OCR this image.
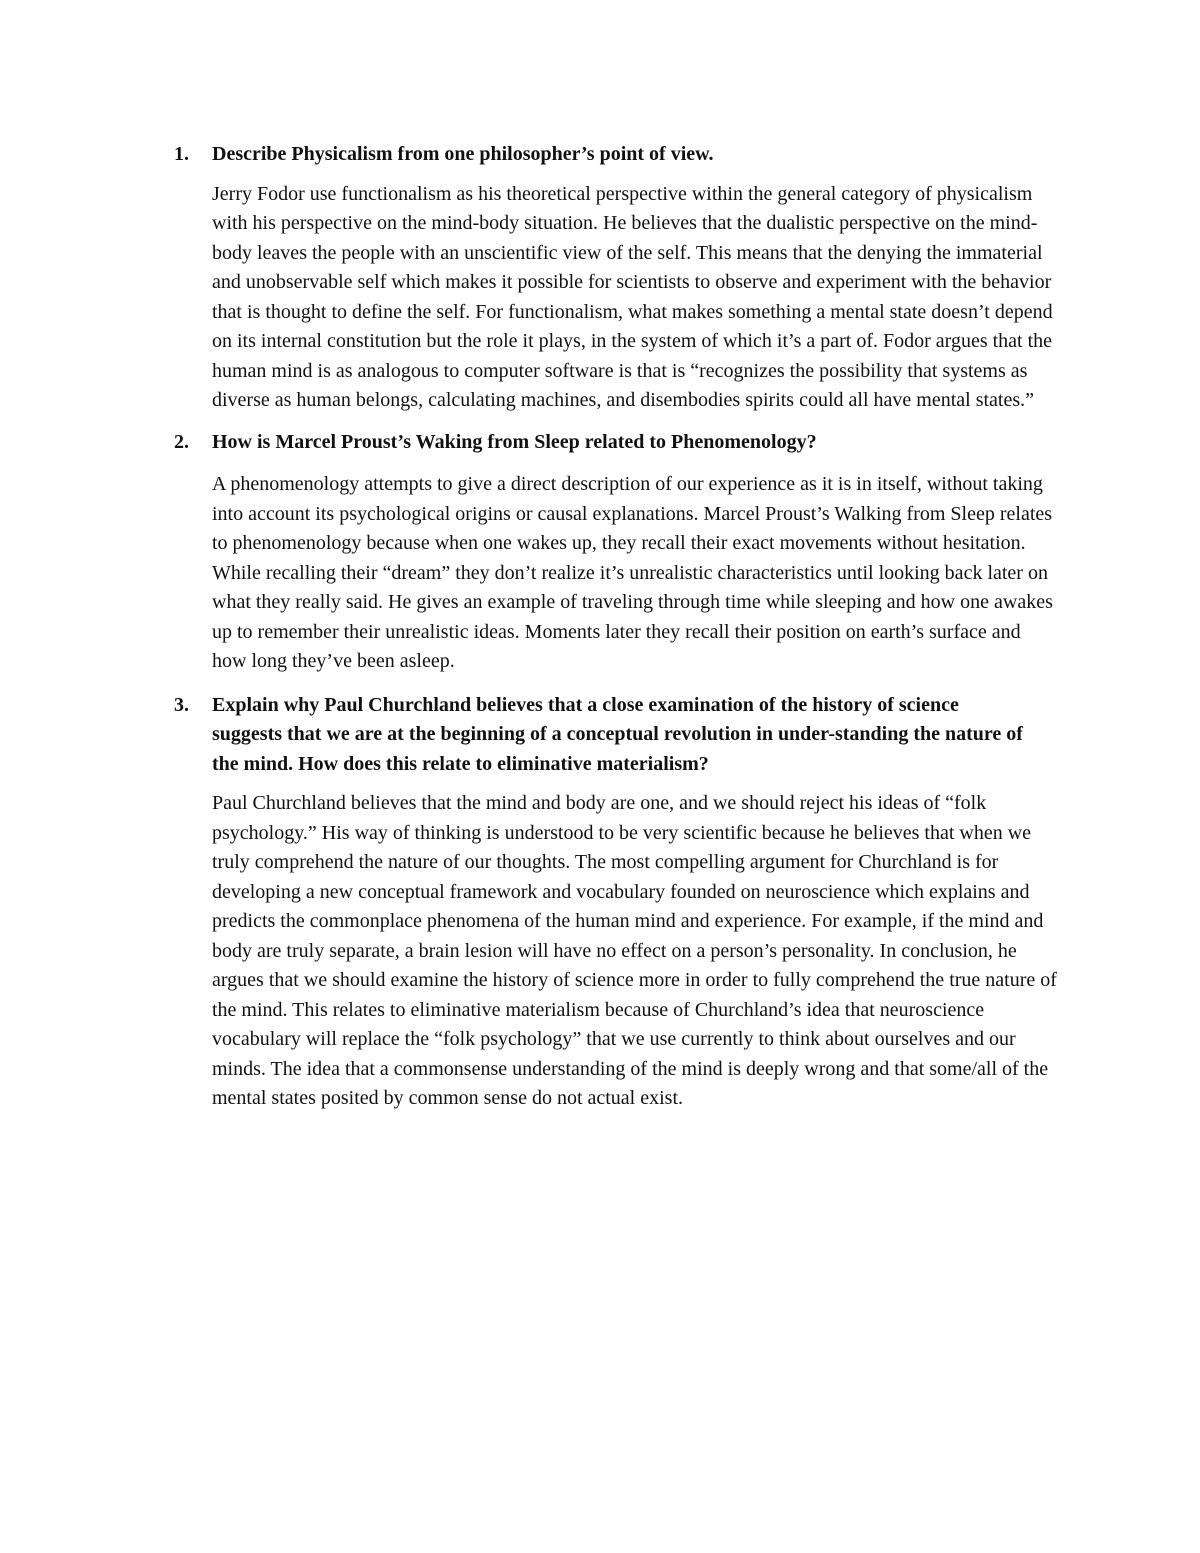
1. Describe Physicalism from one philosopher’s point of view.

Jerry Fodor use functionalism as his theoretical perspective within the general category of physicalism with his perspective on the mind-body situation. He believes that the dualistic perspective on the mind-body leaves the people with an unscientific view of the self. This means that the denying the immaterial and unobservable self which makes it possible for scientists to observe and experiment with the behavior that is thought to define the self. For functionalism, what makes something a mental state doesn’t depend on its internal constitution but the role it plays, in the system of which it’s a part of. Fodor argues that the human mind is as analogous to computer software is that is “recognizes the possibility that systems as diverse as human belongs, calculating machines, and disembodies spirits could all have mental states.”

2. How is Marcel Proust’s Waking from Sleep related to Phenomenology?

A phenomenology attempts to give a direct description of our experience as it is in itself, without taking into account its psychological origins or causal explanations. Marcel Proust’s Walking from Sleep relates to phenomenology because when one wakes up, they recall their exact movements without hesitation. While recalling their “dream” they don’t realize it’s unrealistic characteristics until looking back later on what they really said. He gives an example of traveling through time while sleeping and how one awakes up to remember their unrealistic ideas. Moments later they recall their position on earth’s surface and how long they’ve been asleep.

3. Explain why Paul Churchland believes that a close examination of the history of science suggests that we are at the beginning of a conceptual revolution in under-standing the nature of the mind. How does this relate to eliminative materialism?

Paul Churchland believes that the mind and body are one, and we should reject his ideas of “folk psychology.” His way of thinking is understood to be very scientific because he believes that when we truly comprehend the nature of our thoughts. The most compelling argument for Churchland is for developing a new conceptual framework and vocabulary founded on neuroscience which explains and predicts the commonplace phenomena of the human mind and experience. For example, if the mind and body are truly separate, a brain lesion will have no effect on a person’s personality. In conclusion, he argues that we should examine the history of science more in order to fully comprehend the true nature of the mind. This relates to eliminative materialism because of Churchland’s idea that neuroscience vocabulary will replace the “folk psychology” that we use currently to think about ourselves and our minds. The idea that a commonsense understanding of the mind is deeply wrong and that some/all of the mental states posited by common sense do not actual exist.
